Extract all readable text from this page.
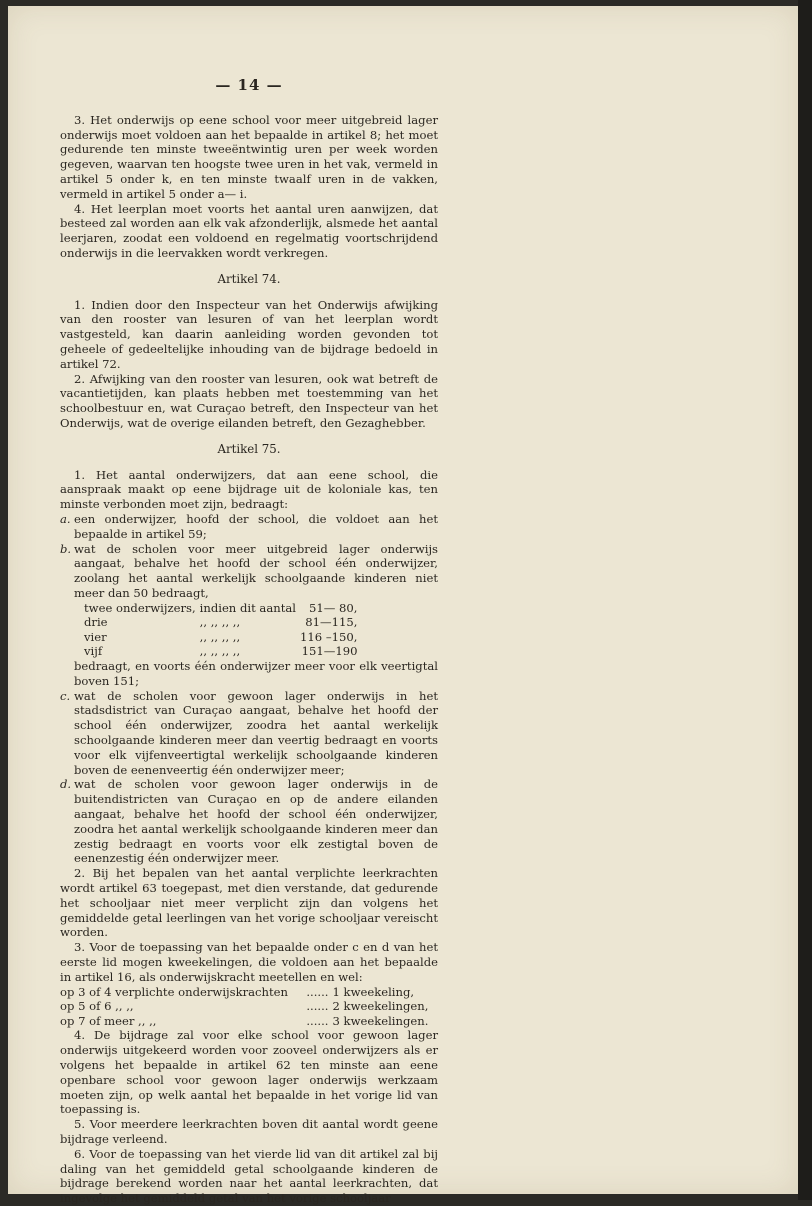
— 14 —

3. Het onderwijs op eene school voor meer uitgebreid lager onderwijs moet voldoen aan het bepaalde in artikel 8; het moet gedurende ten minste tweeëntwintig uren per week worden gegeven, waarvan ten hoogste twee uren in het vak, vermeld in artikel 5 onder k, en ten minste twaalf uren in de vakken, vermeld in artikel 5 onder a— i.

4. Het leerplan moet voorts het aantal uren aanwijzen, dat besteed zal worden aan elk vak afzonderlijk, alsmede het aantal leerjaren, zoodat een voldoend en regelmatig voortschrijdend onderwijs in die leervakken wordt verkregen.

Artikel 74.

1. Indien door den Inspecteur van het Onderwijs afwijking van den rooster van lesuren of van het leerplan wordt vastgesteld, kan daarin aanleiding worden gevonden tot geheele of gedeeltelijke inhouding van de bijdrage bedoeld in artikel 72.

2. Afwijking van den rooster van lesuren, ook wat betreft de vacantietijden, kan plaats hebben met toestemming van het schoolbestuur en, wat Curaçao betreft, den Inspecteur van het Onderwijs, wat de overige eilanden betreft, den Gezaghebber.

Artikel 75.

1. Het aantal onderwijzers, dat aan eene school, die aanspraak maakt op eene bijdrage uit de koloniale kas, ten minste verbonden moet zijn, bedraagt:

a. een onderwijzer, hoofd der school, die voldoet aan het bepaalde in artikel 59;

b. wat de scholen voor meer uitgebreid lager onderwijs aangaat, behalve het hoofd der school één onderwijzer, zoolang het aantal werkelijk schoolgaande kinderen niet meer dan 50 bedraagt,

twee onderwijzers,	indien dit aantal	51— 80,
drie	,, ,, ,, ,,	81—115,
vier	,, ,, ,, ,,	116 –150,
vijf	,, ,, ,, ,,	151—190

bedraagt, en voorts één onderwijzer meer voor elk veertigtal boven 151;

c. wat de scholen voor gewoon lager onderwijs in het stadsdistrict van Curaçao aangaat, behalve het hoofd der school één onderwijzer, zoodra het aantal werkelijk schoolgaande kinderen meer dan veertig bedraagt en voorts voor elk vijfenveertigtal werkelijk schoolgaande kinderen boven de eenenveertig één onderwijzer meer;

d. wat de scholen voor gewoon lager onderwijs in de buitendistricten van Curaçao en op de andere eilanden aangaat, behalve het hoofd der school één onderwijzer, zoodra het aantal werkelijk schoolgaande kinderen meer dan zestig bedraagt en voorts voor elk zestigtal boven de eenenzestig één onderwijzer meer.

2. Bij het bepalen van het aantal verplichte leerkrachten wordt artikel 63 toegepast, met dien verstande, dat gedurende het schooljaar niet meer verplicht zijn dan volgens het gemiddelde getal leerlingen van het vorige schooljaar vereischt worden.

3. Voor de toepassing van het bepaalde onder c en d van het eerste lid mogen kweekelingen, die voldoen aan het bepaalde in artikel 16, als onderwijskracht meetellen en wel:

op 3 of 4 verplichte onderwijskrachten	......	1 kweekeling,
op 5 of 6 ,, ,,	......	2 kweekelingen,
op 7 of meer ,, ,,	......	3 kweekelingen.

4. De bijdrage zal voor elke school voor gewoon lager onderwijs uitgekeerd worden voor zooveel onderwijzers als er volgens het bepaalde in artikel 62 ten minste aan eene openbare school voor gewoon lager onderwijs werkzaam moeten zijn, op welk aantal het bepaalde in het vorige lid van toepassing is.

5. Voor meerdere leerkrachten boven dit aantal wordt geene bijdrage verleend.

6. Voor de toepassing van het vierde lid van dit artikel zal bij daling van het gemiddeld getal schoolgaande kinderen de bijdrage berekend worden naar het aantal leerkrachten, dat ingevolge het gemiddeld getal van het vorige schooljaar
